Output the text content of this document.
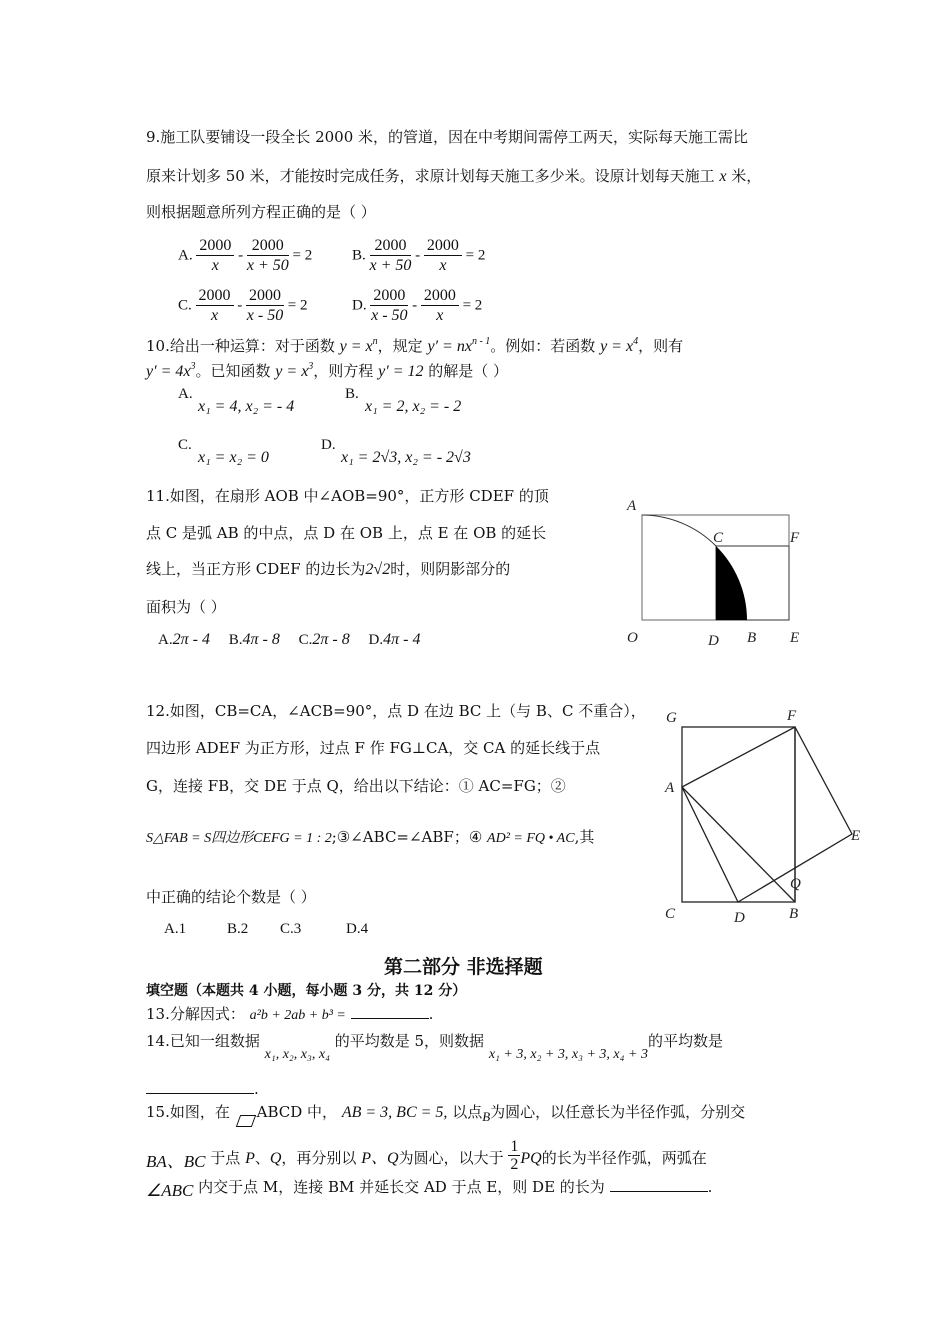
9.施工队要铺设一段全长 2000 米，的管道，因在中考期间需停工两天，实际每天施工需比
原来计划多 50 米，才能按时完成任务，求原计划每天施工多少米。设原计划每天施工 x 米，
则根据题意所列方程正确的是（ ）
A. $\frac{2000}{x} - \frac{2000}{x + 50} = 2$	B. $\frac{2000}{x + 50} - \frac{2000}{x} = 2$
C. $\frac{2000}{x} - \frac{2000}{x - 50} = 2$	D. $\frac{2000}{x - 50} - \frac{2000}{x} = 2$
10.给出一种运算：对于函数 $y = x^n$，规定 $y' = nx^{n - 1}$。例如：若函数 $y = x^4$，则有
$y' = 4x^3$。已知函数 $y = x^3$，则方程 y′ = 12 的解是（ ）
A.
x₁ = 4, x₂ = - 4
B.
x₁ = 2, x₂ = - 2
C.
x₁ = x₂ = 0
D.
x₁ = 2√3, x₂ = - 2√3
11.如图，在扇形 AOB 中∠AOB=90°，正方形 CDEF 的顶
点 C 是弧 AB 的中点，点 D 在 OB 上，点 E 在 OB 的延长
线上，当正方形 CDEF 的边长为2√2时，则阴影部分的
面积为（ ）
A.2π - 4 B.4π - 8 C.2π - 8 D.4π - 4
A
C	F
O	D B E
12.如图，CB=CA，∠ACB=90°，点 D 在边 BC 上（与 B、C 不重合），
四边形 ADEF 为正方形，过点 F 作 FG⊥CA，交 CA 的延长线于点
G，连接 FB，交 DE 于点 Q，给出以下结论：① AC=FG；②
S△FAB = S四边形CEFG = 1 : 2;③∠ABC=∠ABF；④ AD² = FQ • AC,其
中正确的结论个数是（ ）
A.1	B.2 C.3	D.4
G	F
A
E
Q
C	D	B
第二部分 非选择题
填空题（本题共 4 小题，每小题 3 分，共 12 分）
13.分解因式： a²b + 2ab + b³ =	.
14.已知一组数据 x₁, x₂, x₃, x₄ 的平均数是 5，则数据 x₁ + 3, x₂ + 3, x₃ + 3, x₄ + 3的平均数是
.
15.如图，在 ABCD 中， AB = 3, BC = 5, 以点B为圆心，以任意长为半径作弧，分别交
BA、BC 于点 P、Q，再分别以 P、Q为圆心，以大于 $\frac{1}{2}$ PQ的长为半径作弧，两弧在
∠ABC 内交于点 M，连接 BM 并延长交 AD 于点 E，则 DE 的长为	.
